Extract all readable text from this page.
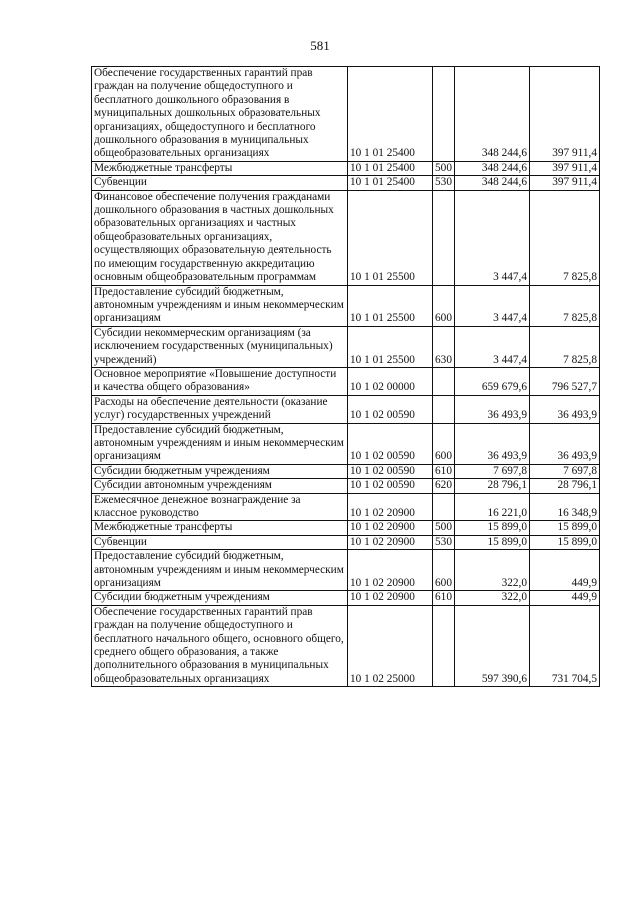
581
Обеспечение государственных гарантий прав граждан на получение общедоступного и бесплатного дошкольного образования в муниципальных дошкольных образовательных организациях, общедоступного и бесплатного дошкольного образования в муниципальных общеобразовательных организациях	10 1 01 25400		348 244,6	397 911,4
Межбюджетные трансферты	10 1 01 25400	500	348 244,6	397 911,4
Субвенции	10 1 01 25400	530	348 244,6	397 911,4
Финансовое обеспечение получения гражданами дошкольного образования в частных дошкольных образовательных организациях и частных общеобразовательных организациях, осуществляющих образовательную деятельность по имеющим государственную аккредитацию основным общеобразовательным программам	10 1 01 25500		3 447,4	7 825,8
Предоставление субсидий бюджетным, автономным учреждениям и иным некоммерческим организациям	10 1 01 25500	600	3 447,4	7 825,8
Субсидии некоммерческим организациям (за исключением государственных (муниципальных) учреждений)	10 1 01 25500	630	3 447,4	7 825,8
Основное мероприятие «Повышение доступности и качества общего образования»	10 1 02 00000		659 679,6	796 527,7
Расходы на обеспечение деятельности (оказание услуг) государственных учреждений	10 1 02 00590		36 493,9	36 493,9
Предоставление субсидий бюджетным, автономным учреждениям и иным некоммерческим организациям	10 1 02 00590	600	36 493,9	36 493,9
Субсидии бюджетным учреждениям	10 1 02 00590	610	7 697,8	7 697,8
Субсидии автономным учреждениям	10 1 02 00590	620	28 796,1	28 796,1
Ежемесячное денежное вознаграждение за классное руководство	10 1 02 20900		16 221,0	16 348,9
Межбюджетные трансферты	10 1 02 20900	500	15 899,0	15 899,0
Субвенции	10 1 02 20900	530	15 899,0	15 899,0
Предоставление субсидий бюджетным, автономным учреждениям и иным некоммерческим организациям	10 1 02 20900	600	322,0	449,9
Субсидии бюджетным учреждениям	10 1 02 20900	610	322,0	449,9
Обеспечение государственных гарантий прав граждан на получение общедоступного и бесплатного начального общего, основного общего, среднего общего образования, а также дополнительного образования в муниципальных общеобразовательных организациях	10 1 02 25000		597 390,6	731 704,5
